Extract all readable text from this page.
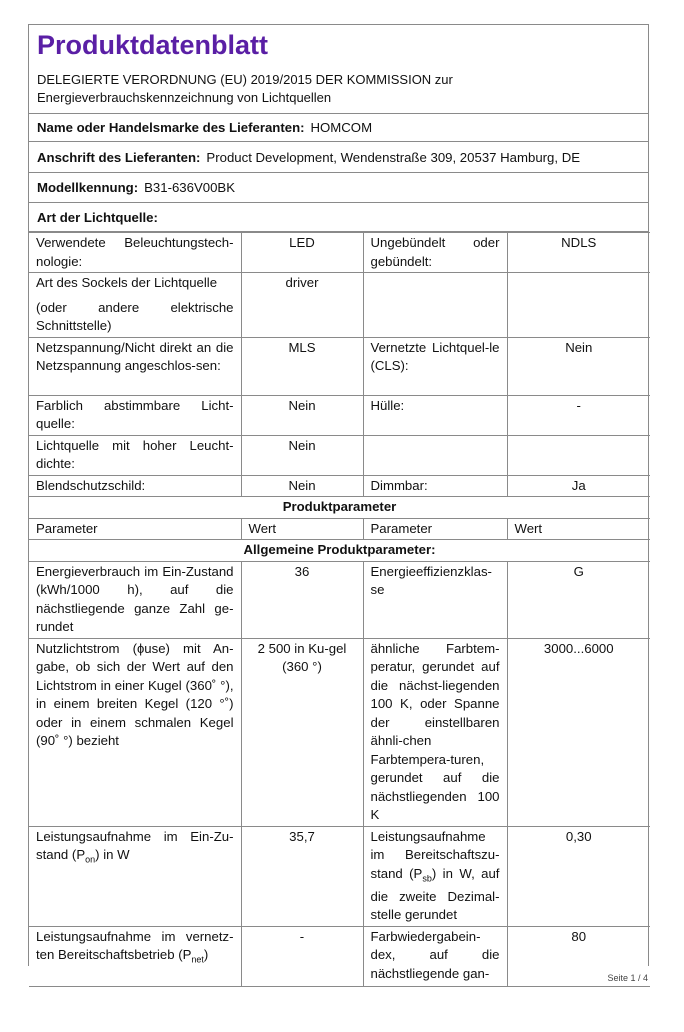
Produktdatenblatt
DELEGIERTE VERORDNUNG (EU) 2019/2015 DER KOMMISSION zur
Energieverbrauchskennzeichnung von Lichtquellen
Name oder Handelsmarke des Lieferanten: HOMCOM
Anschrift des Lieferanten: Product Development, Wendenstraße 309, 20537 Hamburg, DE
Modellkennung: B31-636V00BK
Art der Lichtquelle:
Verwendete Beleuchtungstech-nologie:	LED	Ungebündelt oder gebündelt:	NDLS

Art des Sockels der Lichtquelle
(oder andere elektrische Schnittstelle)	driver		
Netzspannung/Nicht direkt an die Netzspannung angeschlos-sen:	MLS	Vernetzte Lichtquel-le (CLS):	Nein
Farblich abstimmbare Licht-quelle:	Nein	Hülle:	-
Lichtquelle mit hoher Leucht-dichte:	Nein		
Blendschutzschild:	Nein	Dimmbar:	Ja
Produktparameter			
Parameter	Wert	Parameter	Wert
Allgemeine Produktparameter:			
Energieverbrauch im Ein-Zustand (kWh/1000 h), auf die nächstliegende ganze Zahl ge-rundet	36	Energieeffizienzklas-se	G
Nutzlichtstrom (ɸuse) mit An-gabe, ob sich der Wert auf den Lichtstrom in einer Kugel (360˚ °), in einem breiten Kegel (120 °˚) oder in einem schmalen Kegel (90˚ °) bezieht	2 500 in Ku-gel (360 °)	ähnliche Farbtem-peratur, gerundet auf die nächst-liegenden 100 K, oder Spanne der einstellbaren ähnli-chen Farbtempera-turen, gerundet auf die nächstliegenden 100 K	3000...6000
Leistungsaufnahme im Ein-Zu-stand $(P_{on})$ in W	35,7	Leistungsaufnahme im Bereitschaftszu-stand $(P_{sb})$ in W, auf die zweite Dezimal-stelle gerundet	0,30
Leistungsaufnahme im vernetz-ten Bereitschaftsbetrieb $(P_{net})$	-	Farbwiedergabein-dex, auf die nächstliegende gan-	80
Seite 1 / 4
